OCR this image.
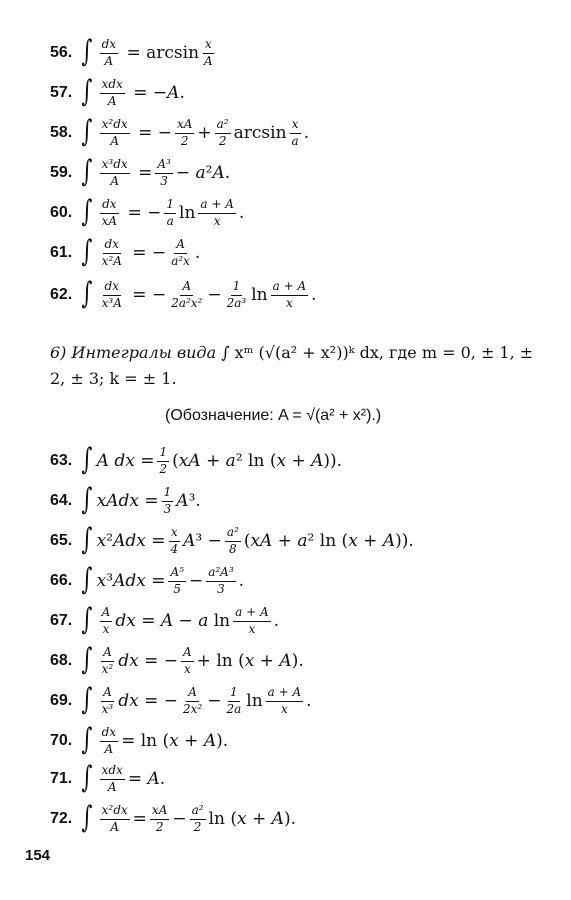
56. ∫ $\frac{dx}{A} = \arcsin \frac{x}{A}$
57. ∫ $\frac{\text{xdx}}{A} = -A$.
58. ∫ $\frac{\text{x²dx}}{A}$ = − $\frac{xA}{2} + \frac{\text{a²}}{2}$ $\arcsin \frac{x}{a}$ .
59. ∫ $\frac{\text{x³dx}}{A} = \frac{\text{A³}}{3} - a^2A$.
60. ∫ $\frac{dx}{xA}$ = − $\frac{1}{a}$ $\ln \frac{a + A}{x}$ .
61. ∫ $\frac{dx}{\text{x²A}}$ = − $\frac{A}{\text{a²x}}$ .
62. ∫ $\frac{dx}{\text{x³A}}$ = − $\frac{A}{\text{2a²x²}} - \frac{1}{\text{2a³}}$ $\ln \frac{a + A}{x}$ .
6) Интегралы вида ∫ xᵐ (√(a² + x²))ᵏ dx, где m = 0, ± 1, ± 2, ± 3; k = ± 1.
(Обозначение: A = √(a² + x²).)
63. ∫ A dx = $\frac{1}{2} (xA + a^2$ ln (x + A)).
64. ∫ xAdx = $\frac{1}{3} A^3$.
65. ∫ $x^2Adx = \frac{x}{4} A^3 - \frac{\text{a²}}{8} (xA + a^2$ ln (x + A)).
66. ∫ $x^3Adx = \frac{\text{A⁵}}{5} - \frac{\text{a²A³}}{3}$ .
67. ∫ $\frac{A}{x}$ dx = A − a $\ln \frac{a + A}{x}$ .
68. ∫ $\frac{A}{\text{x²}}$ dx = − $\frac{A}{x} + \ln (x + A)$.
69. ∫ $\frac{A}{\text{x³}}$ dx = − $\frac{A}{\text{2x²}} - \frac{1}{2a}$ $\ln \frac{a + A}{x}$ .
70. ∫ $\frac{dx}{A} = \ln (x + A)$.
71. ∫ $\frac{\text{xdx}}{A} = A$.
72. ∫ $\frac{\text{x²dx}}{A} = \frac{xA}{2} - \frac{\text{a²}}{2}$ ln (x + A).
154
